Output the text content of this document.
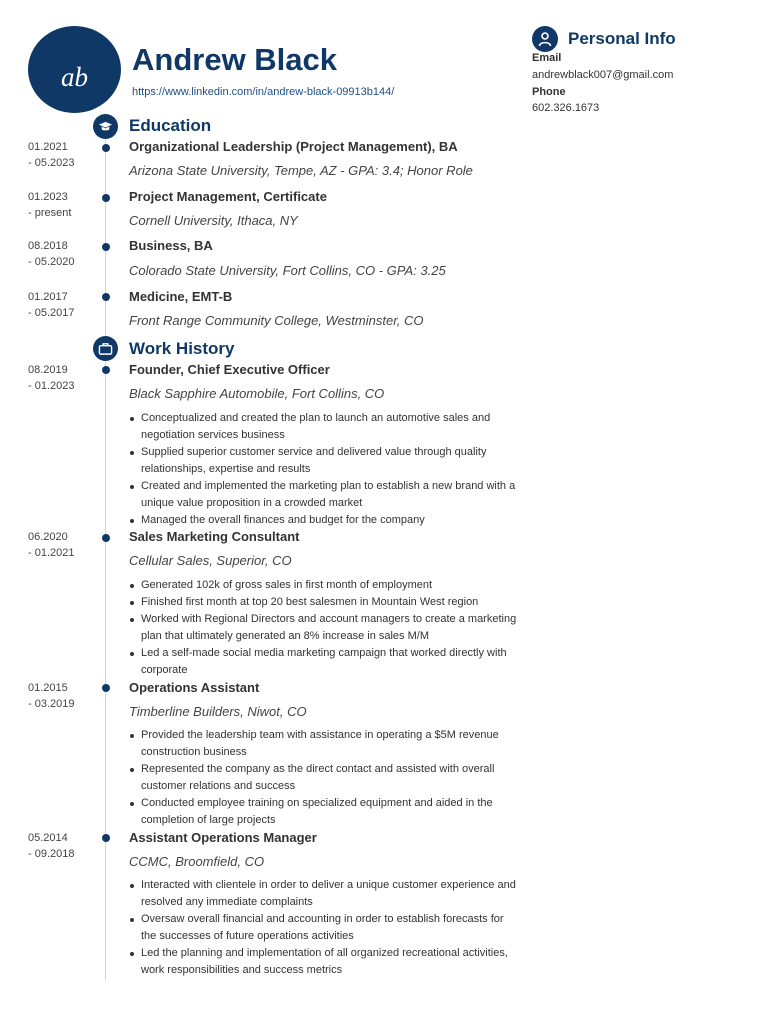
ab	Andrew Black
https://www.linkedin.com/in/andrew-black-09913b144/
Personal Info
Email
andrewblack007@gmail.com
Phone
602.326.1673
Education
01.2021
- 05.2023
Organizational Leadership (Project Management), BA
Arizona State University, Tempe, AZ - GPA: 3.4; Honor Role
01.2023
- present
Project Management, Certificate
Cornell University, Ithaca, NY
08.2018
- 05.2020
Business, BA
Colorado State University, Fort Collins, CO - GPA: 3.25
01.2017
- 05.2017
Medicine, EMT-B
Front Range Community College, Westminster, CO
Work History
08.2019
- 01.2023
Founder, Chief Executive Officer
Black Sapphire Automobile, Fort Collins, CO
Conceptualized and created the plan to launch an automotive sales and negotiation services business
Supplied superior customer service and delivered value through quality relationships, expertise and results
Created and implemented the marketing plan to establish a new brand with a unique value proposition in a crowded market
Managed the overall finances and budget for the company
06.2020
- 01.2021
Sales Marketing Consultant
Cellular Sales, Superior, CO
Generated 102k of gross sales in first month of employment
Finished first month at top 20 best salesmen in Mountain West region
Worked with Regional Directors and account managers to create a marketing plan that ultimately generated an 8% increase in sales M/M
Led a self-made social media marketing campaign that worked directly with corporate
01.2015
- 03.2019
Operations Assistant
Timberline Builders, Niwot, CO
Provided the leadership team with assistance in operating a $5M revenue construction business
Represented the company as the direct contact and assisted with overall customer relations and success
Conducted employee training on specialized equipment and aided in the completion of large projects
05.2014
- 09.2018
Assistant Operations Manager
CCMC, Broomfield, CO
Interacted with clientele in order to deliver a unique customer experience and resolved any immediate complaints
Oversaw overall financial and accounting in order to establish forecasts for the successes of future operations activities
Led the planning and implementation of all organized recreational activities, work responsibilities and success metrics
